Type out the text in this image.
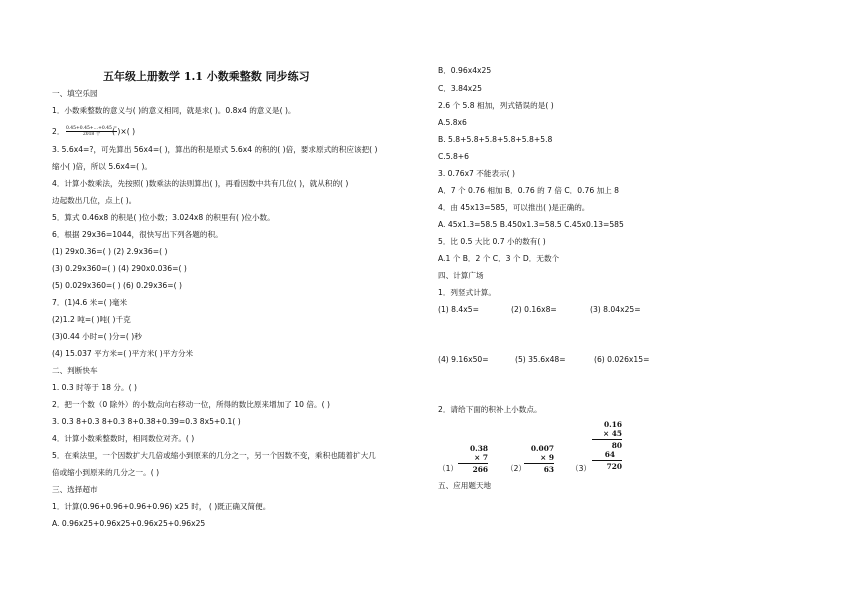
五年级上册数学 1.1 小数乘整数 同步练习
一、填空乐园
1．小数乘整数的意义与( )的意义相同，就是求( )。0.8x4 的意义是( )。
2．	( )×( )
3. 5.6x4=?，可先算出 56x4=( )，算出的积是原式 5.6x4 的积的( )倍，要求原式的积应该把( )
缩小( )倍，所以 5.6x4=( )。
4．计算小数乘法，先按照( )数乘法的法则算出( )，再看因数中共有几位( )，就从积的( )
边起数出几位，点上( )。
5．算式 0.46x8 的积是( )位小数；3.024x8 的积里有( )位小数。
6．根据 29x36=1044，很快写出下列各题的积。
(1) 29x0.36=( ) (2) 2.9x36=( )
(3) 0.29x360=( ) (4) 290x0.036=( )
(5) 0.029x360=( ) (6) 0.29x36=( )
7．(1)4.6 米=( )毫米
(2)1.2 吨=( )吨( )千克
(3)0.44 小时=( )分=( )秒
(4) 15.037 平方米=( )平方米( )平方分米
二、判断快车
1. 0.3 时等于 18 分。( )
2．把一个数（0 除外）的小数点向右移动一位，所得的数比原来增加了 10 倍。( )
3. 0.3 8+0.3 8+0.3 8+0.38+0.39=0.3 8x5+0.1( )
4．计算小数乘整数时，相同数位对齐。( )
5．在乘法里，一个因数扩大几倍或缩小到原来的几分之一，另一个因数不变，乘积也随着扩大几
倍或缩小到原来的几分之一。( )
三、选择超市
1．计算(0.96+0.96+0.96+0.96) x25 时， ( )既正确又简便。
A. 0.96x25+0.96x25+0.96x25+0.96x25
0.45+0.45+…+0.45 =
2018 个
B．0.96x4x25
C．3.84x25
2.6 个 5.8 相加，列式错误的是( )
A.5.8x6
B. 5.8+5.8+5.8+5.8+5.8+5.8
C.5.8+6
3. 0.76x7 不能表示( )
A．7 个 0.76 相加 B．0.76 的 7 倍 C．0.76 加上 8
4．由 45x13=585，可以推出( )是正确的。
A. 45x1.3=58.5 B.450x1.3=58.5 C.45x0.13=585
5．比 0.5 大比 0.7 小的数有( )
A.1 个 B．2 个 C．3 个 D．无数个
四、计算广场
1．列竖式计算。
(1) 8.4x5=	(2) 0.16x8=	(3) 8.04x25=
(4) 9.16x50=	(5) 35.6x48=	(6) 0.026x15=
2．请给下面的积补上小数点。
五、应用题天地
（1）
0.38
× 7
266 （2）
0.007
× 9
63 （3）
0.16
× 45
80
64
720
